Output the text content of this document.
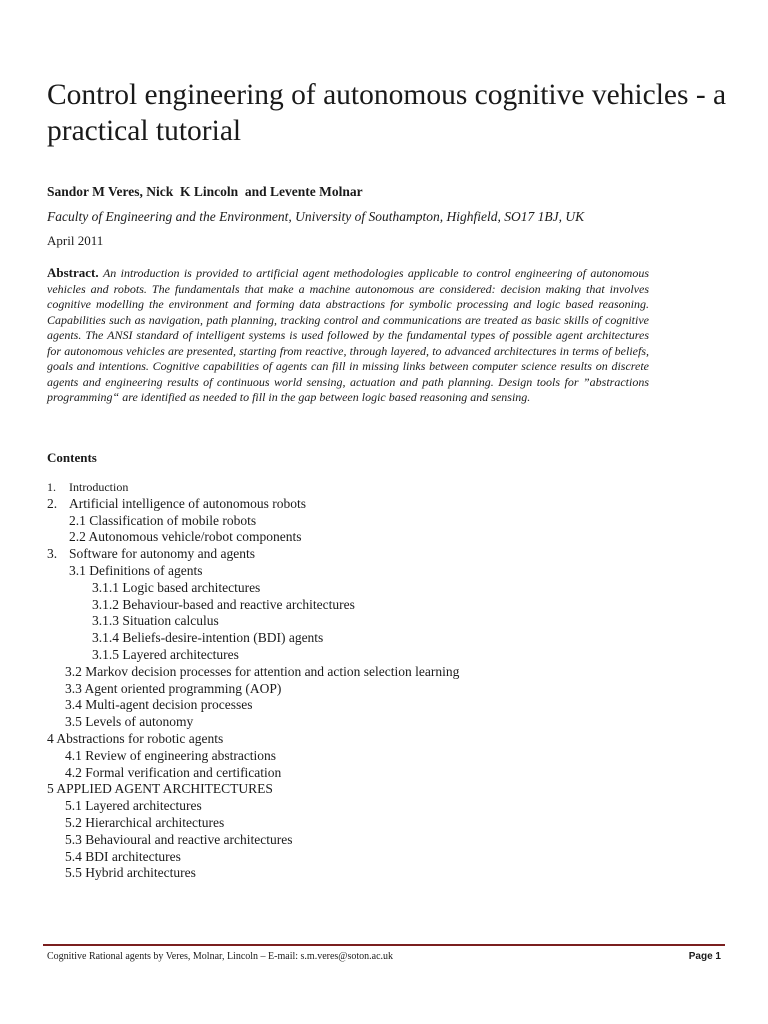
Control engineering of autonomous cognitive vehicles - a practical tutorial
Sandor M Veres, Nick  K Lincoln  and Levente Molnar
Faculty of Engineering and the Environment, University of Southampton, Highfield, SO17 1BJ, UK
April 2011

Abstract. An introduction is provided to artificial agent methodologies applicable to control engineering of autonomous vehicles and robots. The fundamentals that make a machine autonomous are considered: decision making that involves cognitive modelling the environment and forming data abstractions for symbolic processing and logic based reasoning. Capabilities such as navigation, path planning, tracking control and communications are treated as basic skills of cognitive agents. The ANSI standard of intelligent systems is used followed by the fundamental types of possible agent architectures for autonomous vehicles are presented, starting from reactive, through layered, to advanced architectures in terms of beliefs, goals and intentions. Cognitive capabilities of agents can fill in missing links between computer science results on discrete agents and engineering results of continuous world sensing, actuation and path planning. Design tools for ”abstractions programming“ are identified as needed to fill in the gap between logic based reasoning and sensing.

Contents
1. Introduction
2. Artificial intelligence of autonomous robots
2.1 Classification of mobile robots
2.2 Autonomous vehicle/robot components
3. Software for autonomy and agents
3.1 Definitions of agents
3.1.1 Logic based architectures
3.1.2 Behaviour-based and reactive architectures
3.1.3 Situation calculus
3.1.4 Beliefs-desire-intention (BDI) agents
3.1.5 Layered architectures
3.2 Markov decision processes for attention and action selection learning
3.3 Agent oriented programming (AOP)
3.4 Multi-agent decision processes
3.5 Levels of autonomy
4 Abstractions for robotic agents
4.1 Review of engineering abstractions
4.2 Formal verification and certification
5 APPLIED AGENT ARCHITECTURES
5.1 Layered architectures
5.2 Hierarchical architectures
5.3 Behavioural and reactive architectures
5.4 BDI architectures
5.5 Hybrid architectures
Cognitive Rational agents by Veres, Molnar, Lincoln – E-mail: s.m.veres@soton.ac.uk	Page 1
